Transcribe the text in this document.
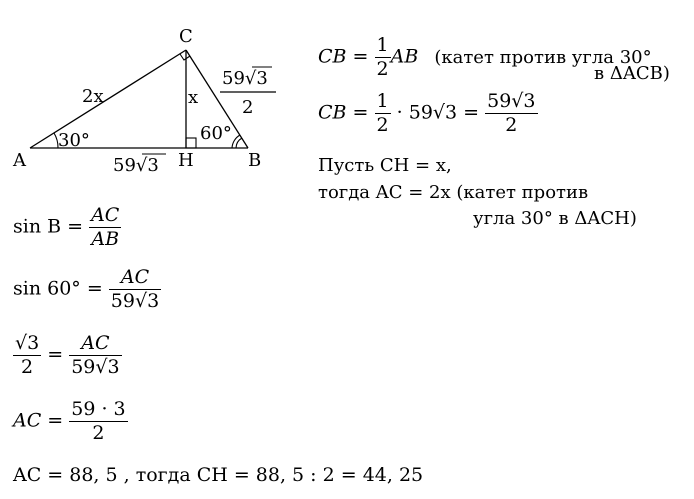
A	B
C
H
2x	x
59√3
30°	60°
59√3
2
CB = $\frac{1}{2}$ AB (катет против угла 30°
в ΔACB)
CB = $\frac{1}{2} \cdot 59√3 = \frac{59√3}{2}$
Пусть CH = x,
тогда AC = 2x (катет против
угла 30° в ΔACH)
$\sin B = \frac{AC}{AB}$
$\sin 60^\circ = \frac{AC}{59√3}$
$\frac{√3}{2} = \frac{AC}{59√3}$
AC = $\frac{59 \cdot 3}{2}$
AC = 88, 5 , тогда CH = 88, 5 : 2 = 44, 25
